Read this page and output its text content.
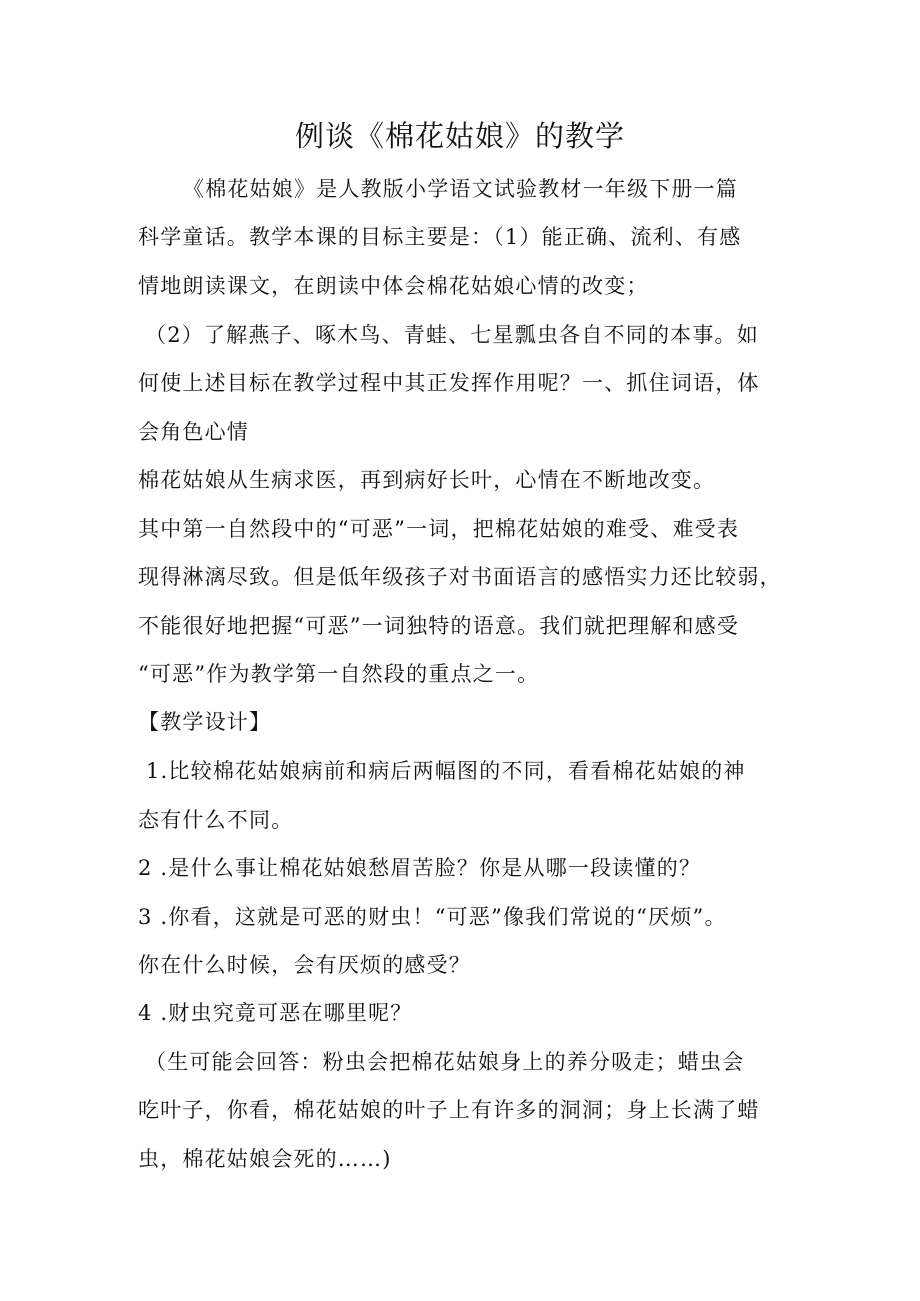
例谈《棉花姑娘》的教学

《棉花姑娘》是人教版小学语文试验教材一年级下册一篇

科学童话。教学本课的目标主要是：（1）能正确、流利、有感

情地朗读课文，在朗读中体会棉花姑娘心情的改变；

（2）了解燕子、啄木鸟、青蛙、七星瓢虫各自不同的本事。如

何使上述目标在教学过程中其正发挥作用呢？一、抓住词语，体

会角色心情

棉花姑娘从生病求医，再到病好长叶，心情在不断地改变。

其中第一自然段中的“可恶”一词，把棉花姑娘的难受、难受表

现得淋漓尽致。但是低年级孩子对书面语言的感悟实力还比较弱，

不能很好地把握“可恶”一词独特的语意。我们就把理解和感受

“可恶”作为教学第一自然段的重点之一。

【教学设计】

1.比较棉花姑娘病前和病后两幅图的不同，看看棉花姑娘的神

态有什么不同。

2 .是什么事让棉花姑娘愁眉苦脸？你是从哪一段读懂的？

3 .你看，这就是可恶的财虫！“可恶”像我们常说的“厌烦”。

你在什么时候，会有厌烦的感受？

4 .财虫究竟可恶在哪里呢？

（生可能会回答：粉虫会把棉花姑娘身上的养分吸走；蜡虫会

吃叶子，你看，棉花姑娘的叶子上有许多的洞洞；身上长满了蜡

虫，棉花姑娘会死的……)
